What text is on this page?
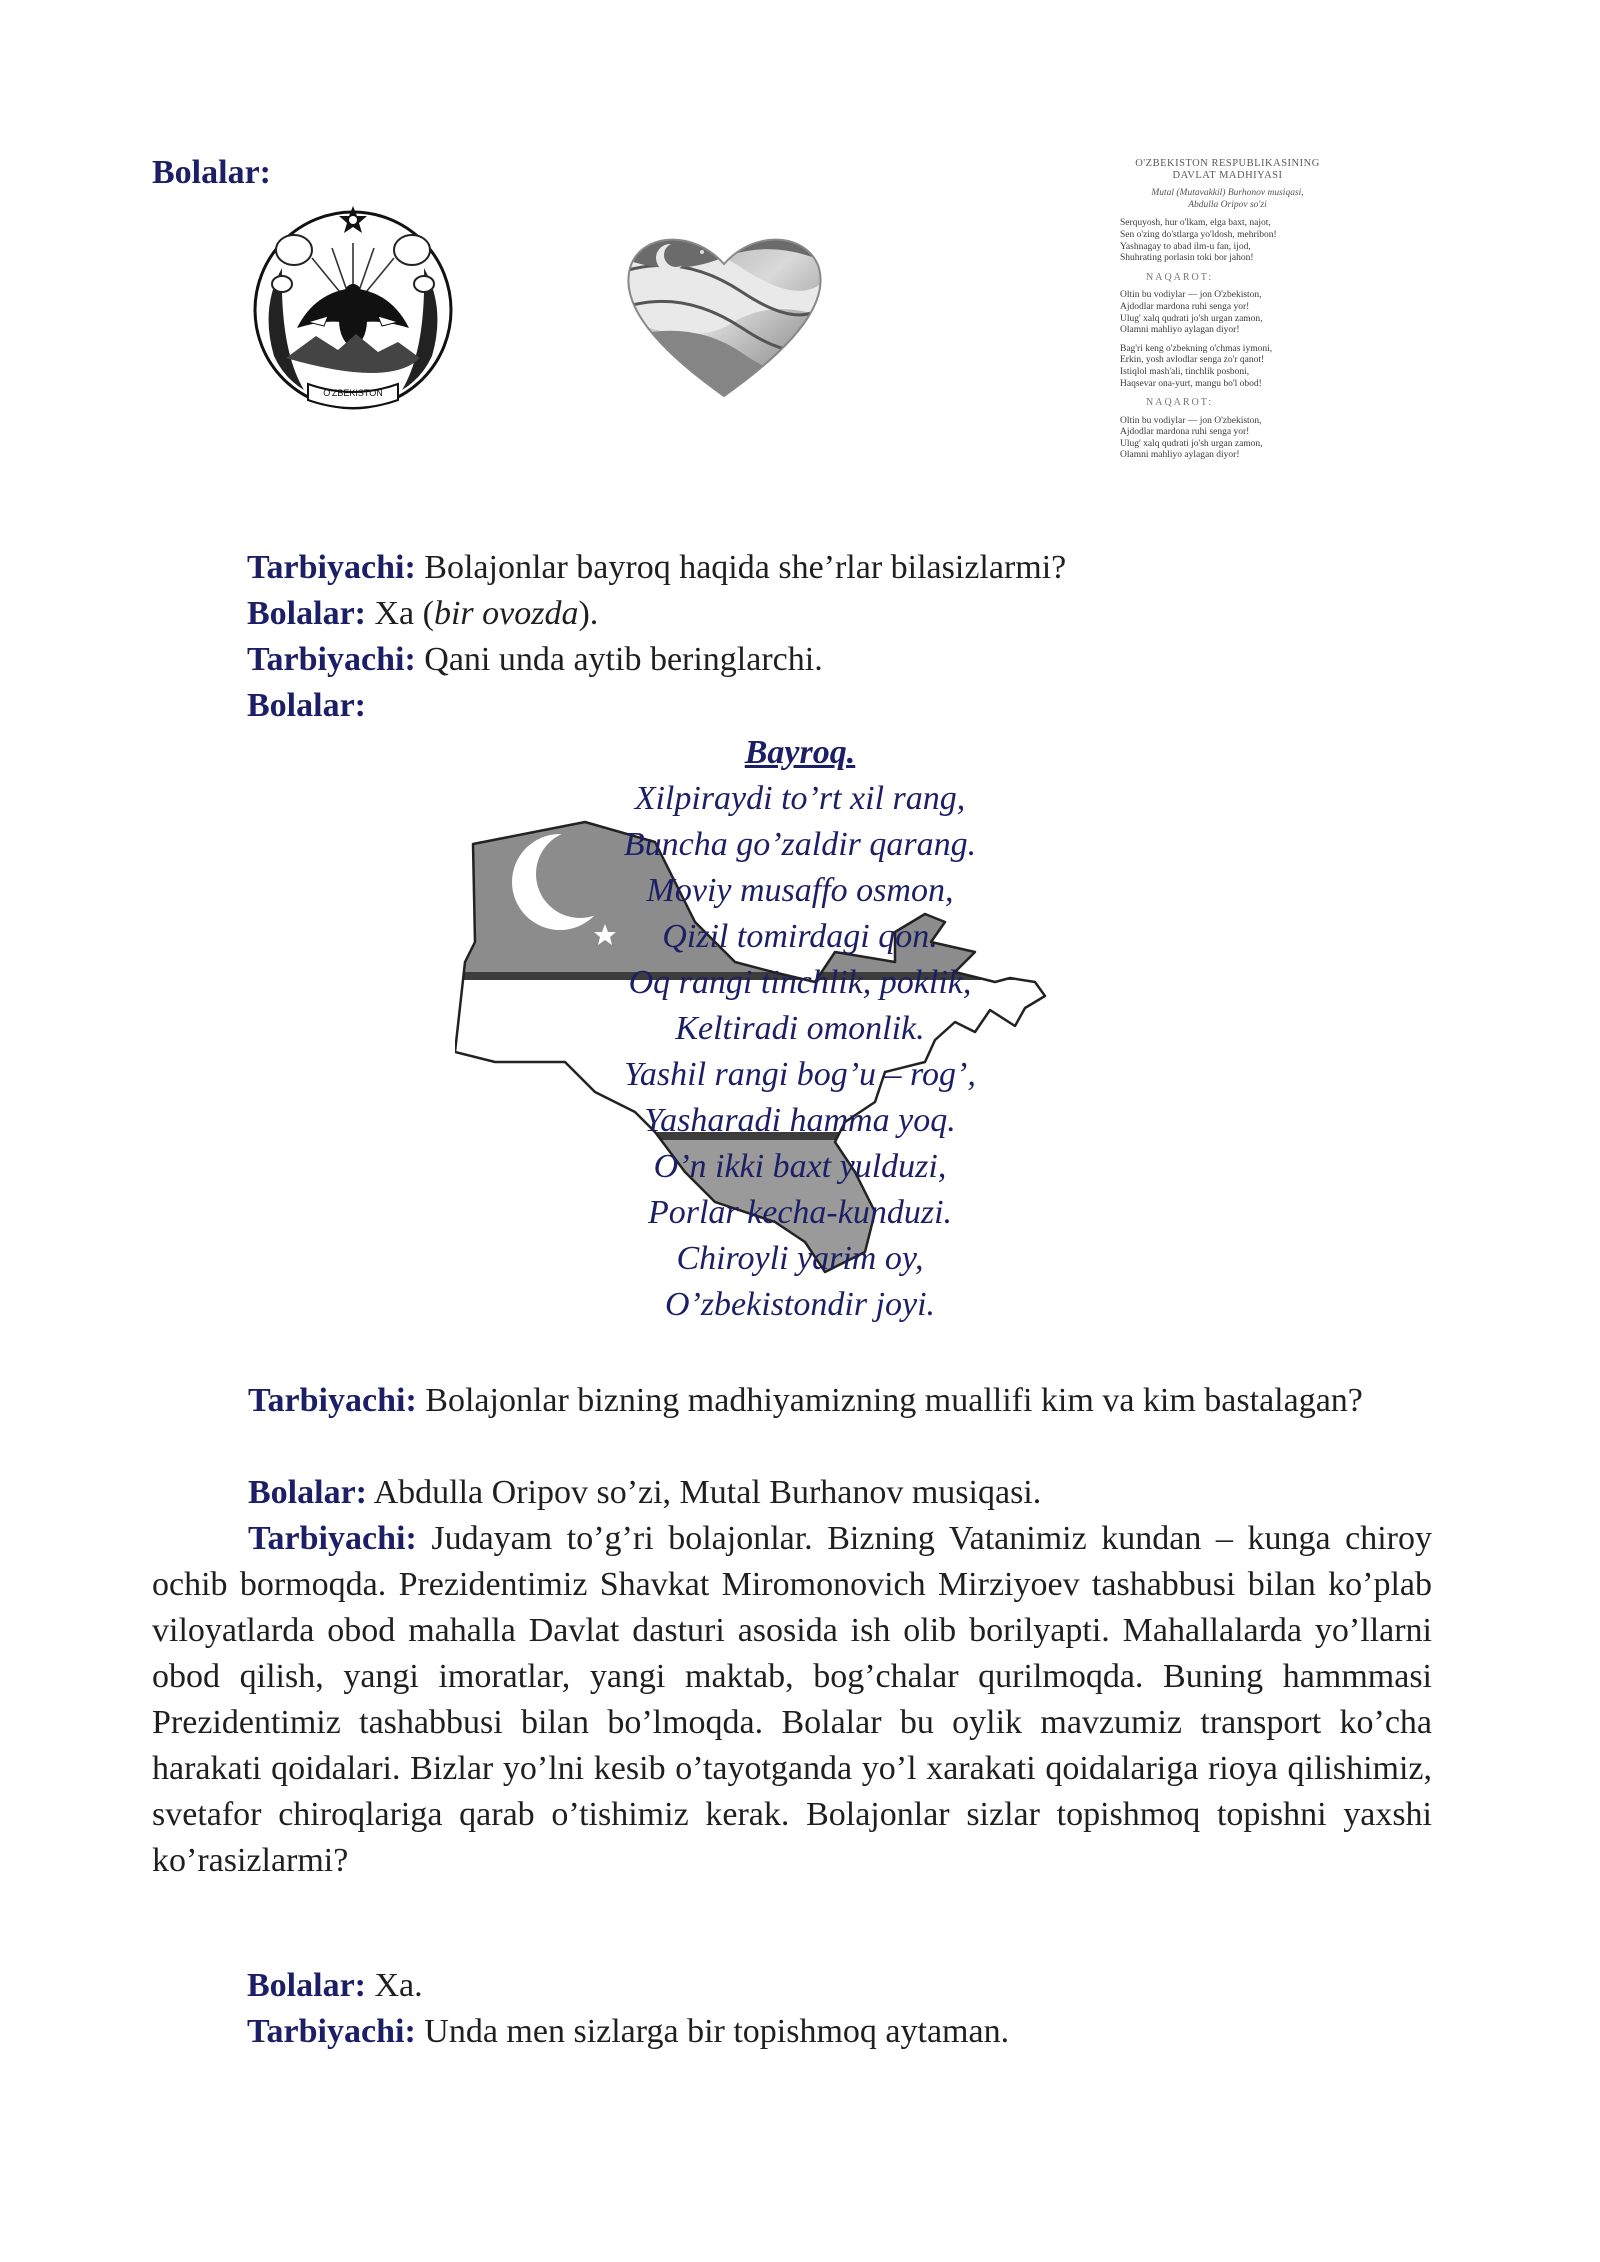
Bolalar:
O'ZBEKISTON
O'ZBEKISTON RESPUBLIKASINING
DAVLAT MADHIYASI
Mutal (Mutavakkil) Burhonov musiqasi,
Abdulla Oripov so'zi
Serquyosh, hur o'lkam, elga baxt, najot,
Sen o'zing do'stlarga yo'ldosh, mehribon!
Yashnagay to abad ilm-u fan, ijod,
Shuhrating porlasin toki bor jahon!
NAQAROT:
Oltin bu vodiylar — jon O'zbekiston,
Ajdodlar mardona ruhi senga yor!
Ulug' xalq qudrati jo'sh urgan zamon,
Olamni mahliyo aylagan diyor!
Bag'ri keng o'zbekning o'chmas iymoni,
Erkin, yosh avlodlar senga zo'r qanot!
Istiqlol mash'ali, tinchlik posboni,
Haqsevar ona-yurt, mangu bo'l obod!
NAQAROT:
Oltin bu vodiylar — jon O'zbekiston,
Ajdodlar mardona ruhi senga yor!
Ulug' xalq qudrati jo'sh urgan zamon,
Olamni mahliyo aylagan diyor!
Tarbiyachi: Bolajonlar bayroq haqida she’rlar bilasizlarmi?
Bolalar: Xa (bir ovozda).
Tarbiyachi: Qani unda aytib beringlarchi.
Bolalar:
Bayroq.
Xilpiraydi to’rt xil rang,
Buncha go’zaldir qarang.
Moviy musaffo osmon,
Qizil tomirdagi qon.
Oq rangi tinchlik, poklik,
Keltiradi omonlik.
Yashil rangi bog’u – rog’,
Yasharadi hamma yoq.
O’n ikki baxt yulduzi,
Porlar kecha-kunduzi.
Chiroyli yarim oy,
O’zbekistondir joyi.
Tarbiyachi: Bolajonlar bizning madhiyamizning muallifi kim va kim bastalagan?
Bolalar: Abdulla Oripov so’zi, Mutal Burhanov musiqasi.
Tarbiyachi: Judayam to’g’ri bolajonlar. Bizning Vatanimiz kundan – kunga chiroy ochib bormoqda. Prezidentimiz Shavkat Miromonovich Mirziyoev tashabbusi bilan ko’plab viloyatlarda obod mahalla Davlat dasturi asosida ish olib borilyapti. Mahallalarda yo’llarni obod qilish, yangi imoratlar, yangi maktab, bog’chalar qurilmoqda. Buning hammmasi Prezidentimiz tashabbusi bilan bo’lmoqda. Bolalar bu oylik mavzumiz transport ko’cha harakati qoidalari. Bizlar yo’lni kesib o’tayotganda yo’l xarakati qoidalariga rioya qilishimiz, svetafor chiroqlariga qarab o’tishimiz kerak. Bolajonlar sizlar topishmoq topishni yaxshi ko’rasizlarmi?
Bolalar: Xa.
Tarbiyachi: Unda men sizlarga bir topishmoq aytaman.
